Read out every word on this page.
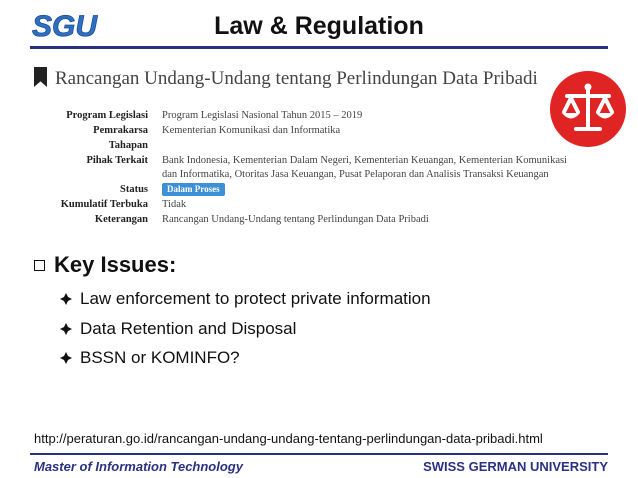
SGU	Law & Regulation
Rancangan Undang-Undang tentang Perlindungan Data Pribadi
Program Legislasi	Program Legislasi Nasional Tahun 2015 – 2019
Pemrakarsa	Kementerian Komunikasi dan Informatika
Tahapan
Pihak Terkait	Bank Indonesia, Kementerian Dalam Negeri, Kementerian Keuangan, Kementerian Komunikasi dan Informatika, Otoritas Jasa Keuangan, Pusat Pelaporan dan Analisis Transaksi Keuangan
Status	Dalam Proses
Kumulatif Terbuka	Tidak
Keterangan	Rancangan Undang-Undang tentang Perlindungan Data Pribadi
Key Issues:
Law enforcement to protect private information
Data Retention and Disposal
BSSN or KOMINFO?
http://peraturan.go.id/rancangan-undang-undang-tentang-perlindungan-data-pribadi.html
Master of Information Technology	SWISS GERMAN UNIVERSITY
